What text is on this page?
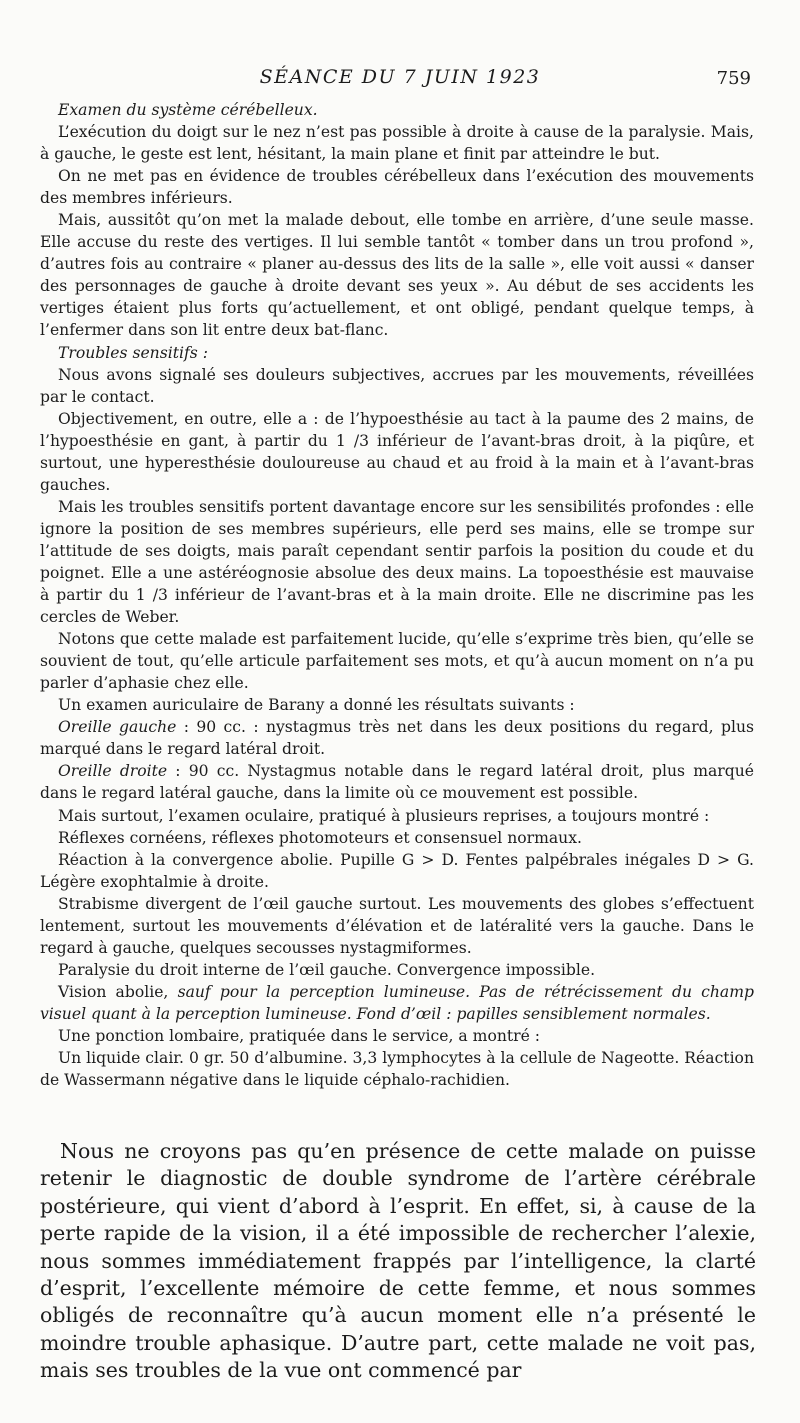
SÉANCE DU 7 JUIN 1923	759

Examen du système cérébelleux.

L’exécution du doigt sur le nez n’est pas possible à droite à cause de la paralysie. Mais, à gauche, le geste est lent, hésitant, la main plane et finit par atteindre le but.

On ne met pas en évidence de troubles cérébelleux dans l’exécution des mouvements des membres inférieurs.

Mais, aussitôt qu’on met la malade debout, elle tombe en arrière, d’une seule masse. Elle accuse du reste des vertiges. Il lui semble tantôt « tomber dans un trou profond », d’autres fois au contraire « planer au-dessus des lits de la salle », elle voit aussi « danser des personnages de gauche à droite devant ses yeux ». Au début de ses accidents les vertiges étaient plus forts qu’actuellement, et ont obligé, pendant quelque temps, à l’enfermer dans son lit entre deux bat-flanc.

Troubles sensitifs :

Nous avons signalé ses douleurs subjectives, accrues par les mouvements, réveillées par le contact.

Objectivement, en outre, elle a : de l’hypoesthésie au tact à la paume des 2 mains, de l’hypoesthésie en gant, à partir du 1 /3 inférieur de l’avant-bras droit, à la piqûre, et surtout, une hyperesthésie douloureuse au chaud et au froid à la main et à l’avant-bras gauches.

Mais les troubles sensitifs portent davantage encore sur les sensibilités profondes : elle ignore la position de ses membres supérieurs, elle perd ses mains, elle se trompe sur l’attitude de ses doigts, mais paraît cependant sentir parfois la position du coude et du poignet. Elle a une astéréognosie absolue des deux mains. La topoesthésie est mauvaise à partir du 1 /3 inférieur de l’avant-bras et à la main droite. Elle ne discrimine pas les cercles de Weber.

Notons que cette malade est parfaitement lucide, qu’elle s’exprime très bien, qu’elle se souvient de tout, qu’elle articule parfaitement ses mots, et qu’à aucun moment on n’a pu parler d’aphasie chez elle.

Un examen auriculaire de Barany a donné les résultats suivants :

Oreille gauche : 90 cc. : nystagmus très net dans les deux positions du regard, plus marqué dans le regard latéral droit.

Oreille droite : 90 cc. Nystagmus notable dans le regard latéral droit, plus marqué dans le regard latéral gauche, dans la limite où ce mouvement est possible.

Mais surtout, l’examen oculaire, pratiqué à plusieurs reprises, a toujours montré :

Réflexes cornéens, réflexes photomoteurs et consensuel normaux.

Réaction à la convergence abolie. Pupille G > D. Fentes palpébrales inégales D > G. Légère exophtalmie à droite.

Strabisme divergent de l’œil gauche surtout. Les mouvements des globes s’effectuent lentement, surtout les mouvements d’élévation et de latéralité vers la gauche. Dans le regard à gauche, quelques secousses nystagmiformes.

Paralysie du droit interne de l’œil gauche. Convergence impossible.

Vision abolie, sauf pour la perception lumineuse. Pas de rétrécissement du champ visuel quant à la perception lumineuse. Fond d’œil : papilles sensiblement normales.

Une ponction lombaire, pratiquée dans le service, a montré :

Un liquide clair. 0 gr. 50 d’albumine. 3,3 lymphocytes à la cellule de Nageotte. Réaction de Wassermann négative dans le liquide céphalo-rachidien.

Nous ne croyons pas qu’en présence de cette malade on puisse retenir le diagnostic de double syndrome de l’artère cérébrale postérieure, qui vient d’abord à l’esprit. En effet, si, à cause de la perte rapide de la vision, il a été impossible de rechercher l’alexie, nous sommes immédiatement frappés par l’intelligence, la clarté d’esprit, l’excellente mémoire de cette femme, et nous sommes obligés de reconnaître qu’à aucun moment elle n’a présenté le moindre trouble aphasique. D’autre part, cette malade ne voit pas, mais ses troubles de la vue ont commencé par
